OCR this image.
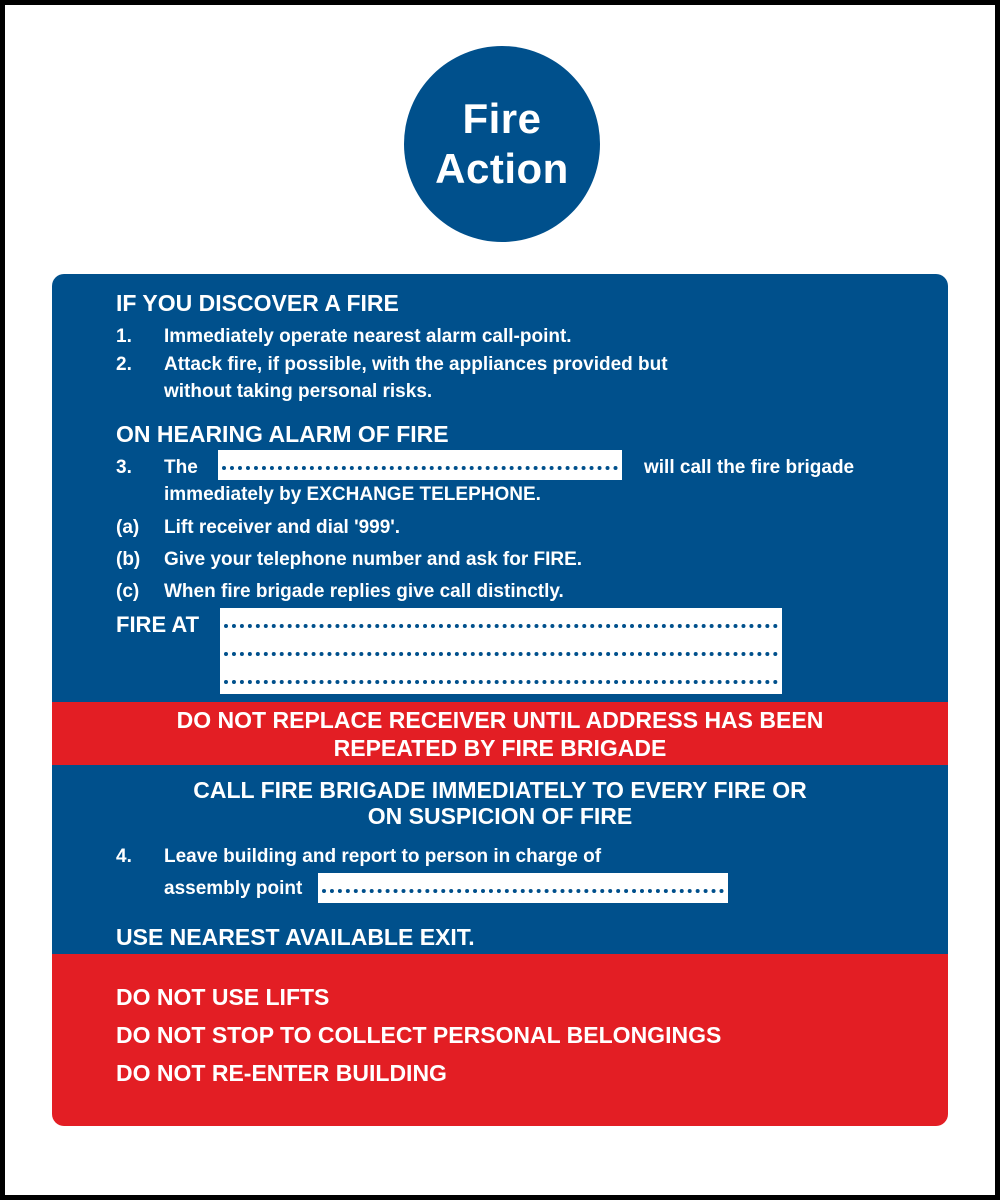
Fire
Action
IF YOU DISCOVER A FIRE
1. Immediately operate nearest alarm call-point.
2. Attack fire, if possible, with the appliances provided but
without taking personal risks.
ON HEARING ALARM OF FIRE
3. The	will call the fire brigade
immediately by EXCHANGE TELEPHONE.
(a) Lift receiver and dial '999'.
(b) Give your telephone number and ask for FIRE.
(c) When fire brigade replies give call distinctly.
FIRE AT
DO NOT REPLACE RECEIVER UNTIL ADDRESS HAS BEEN
REPEATED BY FIRE BRIGADE
CALL FIRE BRIGADE IMMEDIATELY TO EVERY FIRE OR
ON SUSPICION OF FIRE
4. Leave building and report to person in charge of
assembly point
USE NEAREST AVAILABLE EXIT.
DO NOT USE LIFTS
DO NOT STOP TO COLLECT PERSONAL BELONGINGS
DO NOT RE-ENTER BUILDING
